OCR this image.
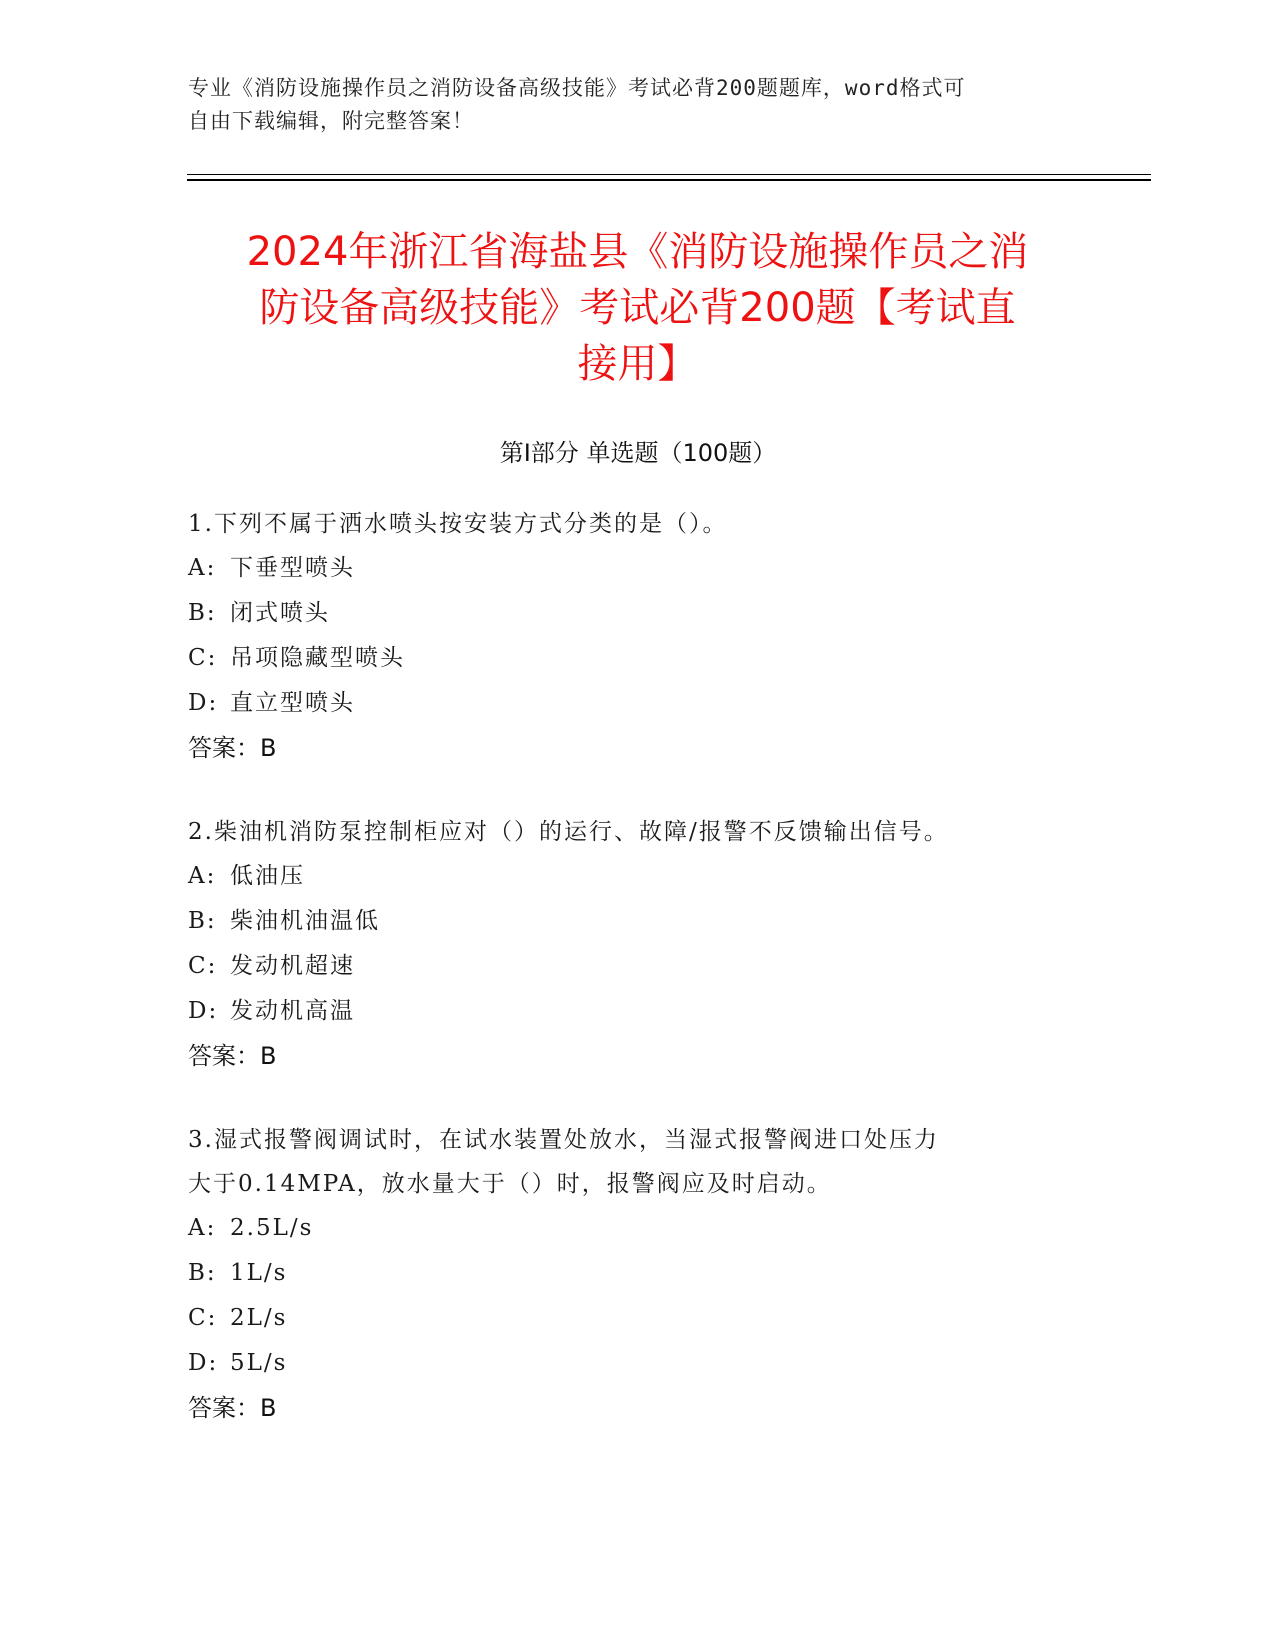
专业《消防设施操作员之消防设备高级技能》考试必背200题题库，word格式可
自由下载编辑，附完整答案！
2024年浙江省海盐县《消防设施操作员之消
防设备高级技能》考试必背200题【考试直
接用】
第I部分 单选题（100题）
1.下列不属于洒水喷头按安装方式分类的是（）。
A: 下垂型喷头
B: 闭式喷头
C: 吊项隐藏型喷头
D: 直立型喷头
答案：B
2.柴油机消防泵控制柜应对（）的运行、故障/报警不反馈输出信号。
A: 低油压
B: 柴油机油温低
C: 发动机超速
D: 发动机高温
答案：B
3.湿式报警阀调试时，在试水装置处放水，当湿式报警阀进口处压力
大于0.14MPA，放水量大于（）时，报警阀应及时启动。
A: 2.5L/s
B: 1L/s
C: 2L/s
D: 5L/s
答案：B
